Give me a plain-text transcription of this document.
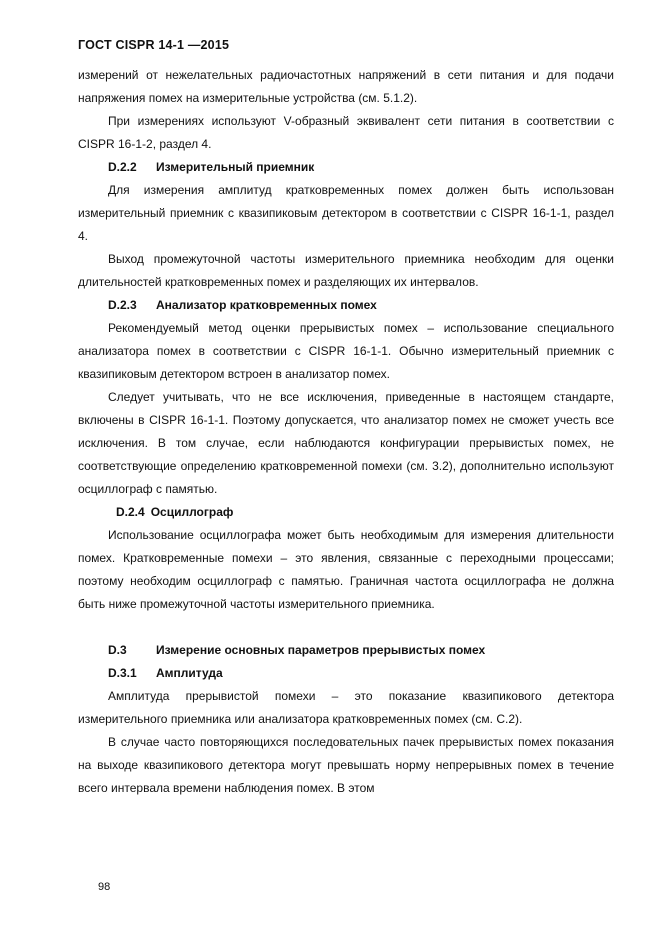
ГОСТ CISPR 14-1 —2015

измерений от нежелательных радиочастотных напряжений в сети питания и для подачи напряжения помех на измерительные устройства (см. 5.1.2).

При измерениях используют V-образный эквивалент сети питания в соответствии с CISPR 16-1-2, раздел 4.

D.2.2 Измерительный приемник

Для измерения амплитуд кратковременных помех должен быть использован измерительный приемник с квазипиковым детектором в соответствии с CISPR 16-1-1, раздел 4.

Выход промежуточной частоты измерительного приемника необходим для оценки длительностей кратковременных помех и разделяющих их интервалов.

D.2.3 Анализатор кратковременных помех

Рекомендуемый метод оценки прерывистых помех – использование специального анализатора помех в соответствии с CISPR 16-1-1. Обычно измерительный приемник с квазипиковым детектором встроен в анализатор помех.

Следует учитывать, что не все исключения, приведенные в настоящем стандарте, включены в CISPR 16-1-1. Поэтому допускается, что анализатор помех не сможет учесть все исключения. В том случае, если наблюдаются конфигурации прерывистых помех, не соответствующие определению кратковременной помехи (см. 3.2), дополнительно используют осциллограф с памятью.

D.2.4 Осциллограф

Использование осциллографа может быть необходимым для измерения длительности помех. Кратковременные помехи – это явления, связанные с переходными процессами; поэтому необходим осциллограф с памятью. Граничная частота осциллографа не должна быть ниже промежуточной частоты измерительного приемника.

D.3 Измерение основных параметров прерывистых помех
D.3.1 Амплитуда

Амплитуда прерывистой помехи – это показание квазипикового детектора измерительного приемника или анализатора кратковременных помех (см. С.2).

В случае часто повторяющихся последовательных пачек прерывистых помех показания на выходе квазипикового детектора могут превышать норму непрерывных помех в течение всего интервала времени наблюдения помех. В этом

98
